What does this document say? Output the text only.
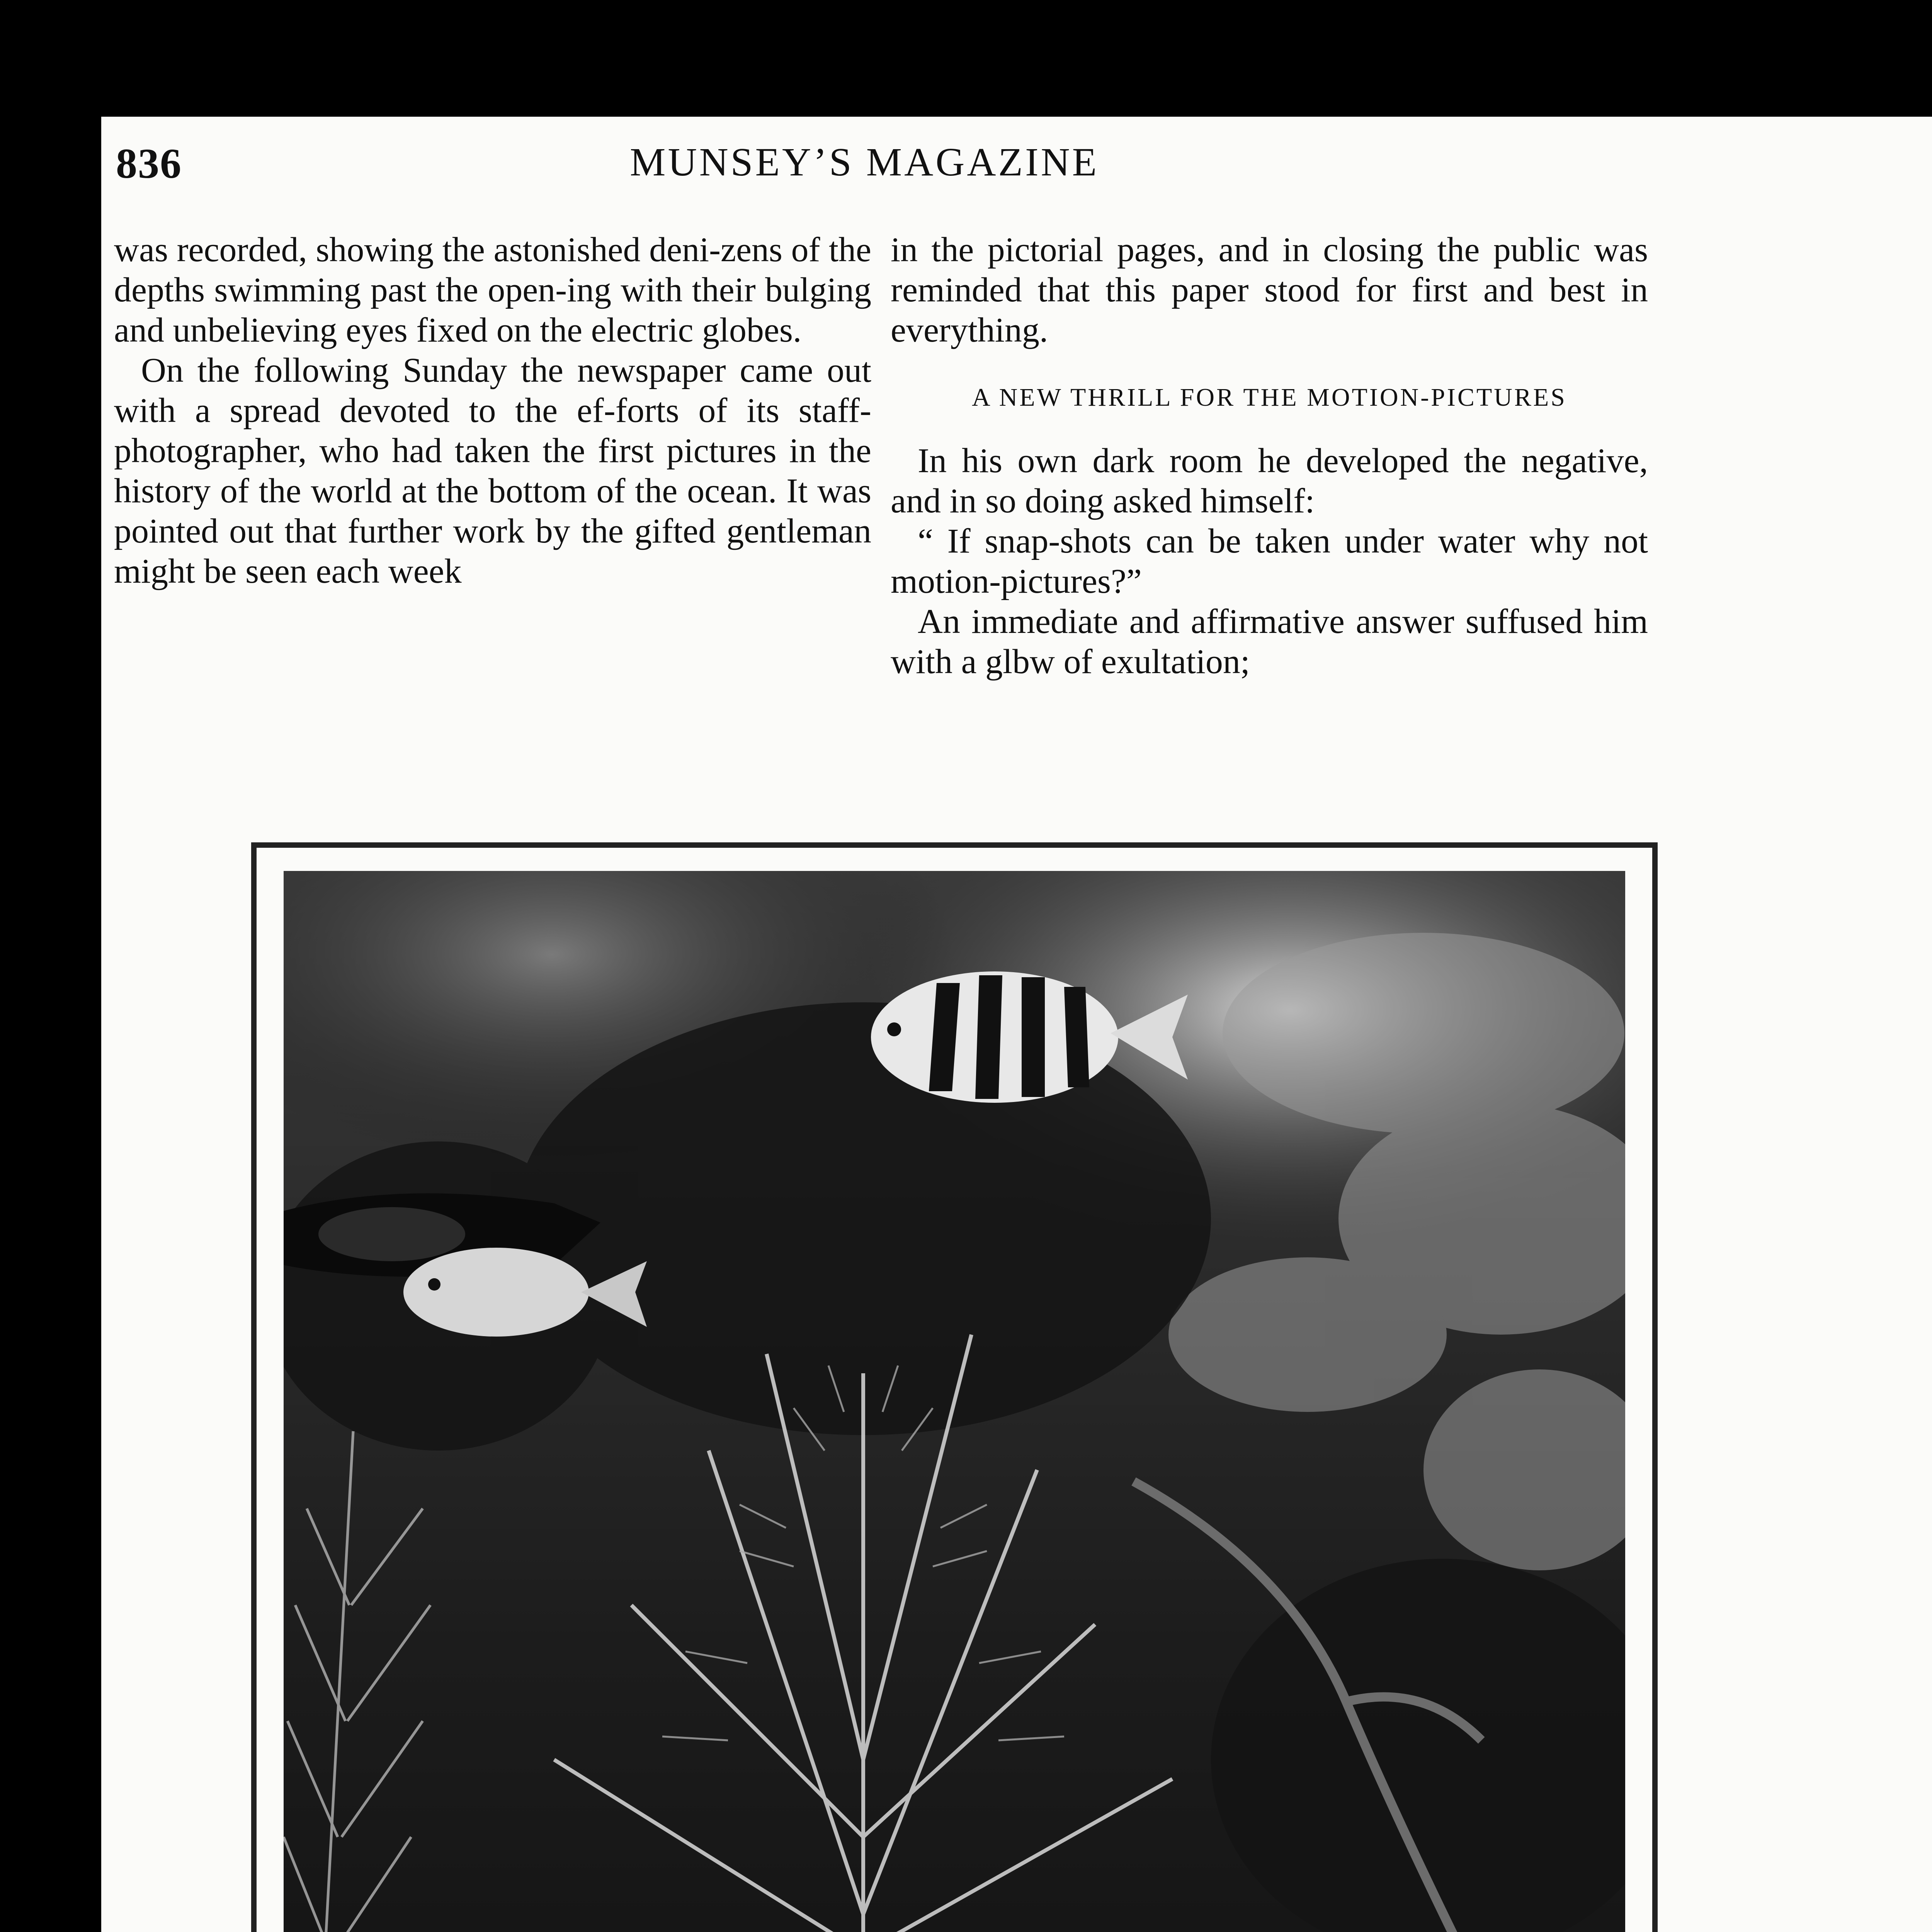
836	MUNSEY’S MAGAZINE

was recorded, showing the astonished deni-zens of the depths swimming past the open-ing with their bulging and unbelieving eyes fixed on the electric globes.

On the following Sunday the newspaper came out with a spread devoted to the ef-forts of its staff-photographer, who had taken the first pictures in the history of the world at the bottom of the ocean. It was pointed out that further work by the gifted gentleman might be seen each week

in the pictorial pages, and in closing the public was reminded that this paper stood for first and best in everything.

A NEW THRILL FOR THE MOTION-PICTURES

In his own dark room he developed the negative, and in so doing asked himself:

“ If snap-shots can be taken under water why not motion-pictures?”

An immediate and affirmative answer suffused him with a glbw of exultation;
